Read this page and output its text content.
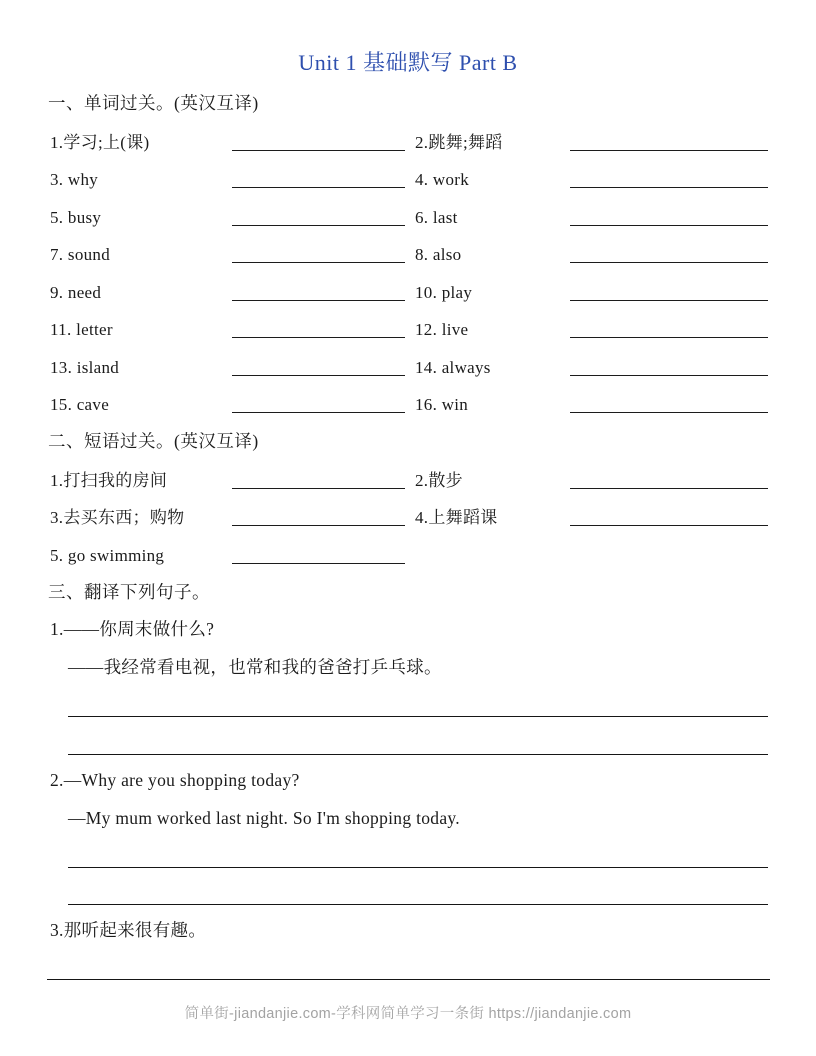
Unit 1 基础默写 Part B
一、单词过关。(英汉互译)
1.学习;上(课)	2.跳舞;舞蹈
3. why	4. work
5. busy	6. last
7. sound	8. also
9. need	10. play
11. letter	12. live
13. island	14. always
15. cave	16. win
二、短语过关。(英汉互译)
1.打扫我的房间	2.散步
3.去买东西；购物	4.上舞蹈课
5. go swimming
三、翻译下列句子。
1.——你周末做什么?
——我经常看电视，也常和我的爸爸打乒乓球。
2.—Why are you shopping today?
—My mum worked last night. So I'm shopping today.
3.那听起来很有趣。
简单街-jiandanjie.com-学科网简单学习一条街 https://jiandanjie.com
